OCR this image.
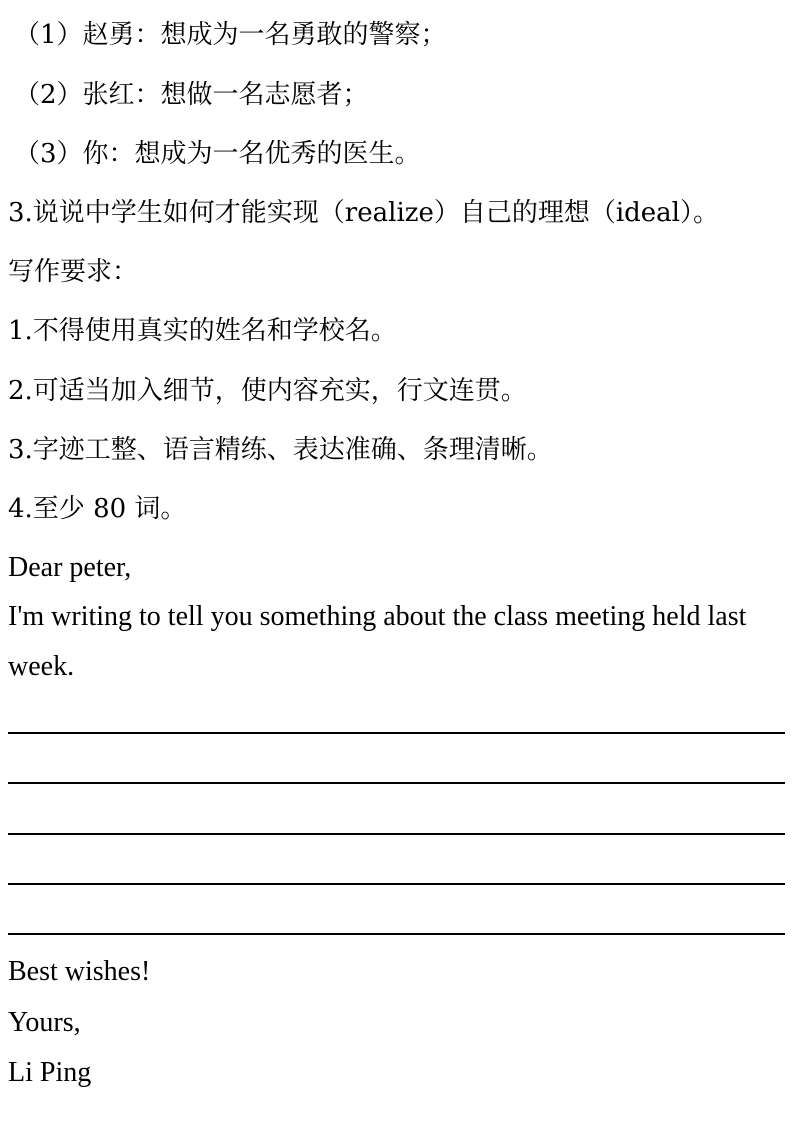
（1）赵勇：想成为一名勇敢的警察；
（2）张红：想做一名志愿者；
（3）你：想成为一名优秀的医生。
3.说说中学生如何才能实现（realize）自己的理想（ideal）。
写作要求：
1.不得使用真实的姓名和学校名。
2.可适当加入细节，使内容充实，行文连贯。
3.字迹工整、语言精练、表达准确、条理清晰。
4.至少 80 词。
Dear peter,
I'm writing to tell you something about the class meeting held last week.
Best wishes!
Yours,
Li Ping
